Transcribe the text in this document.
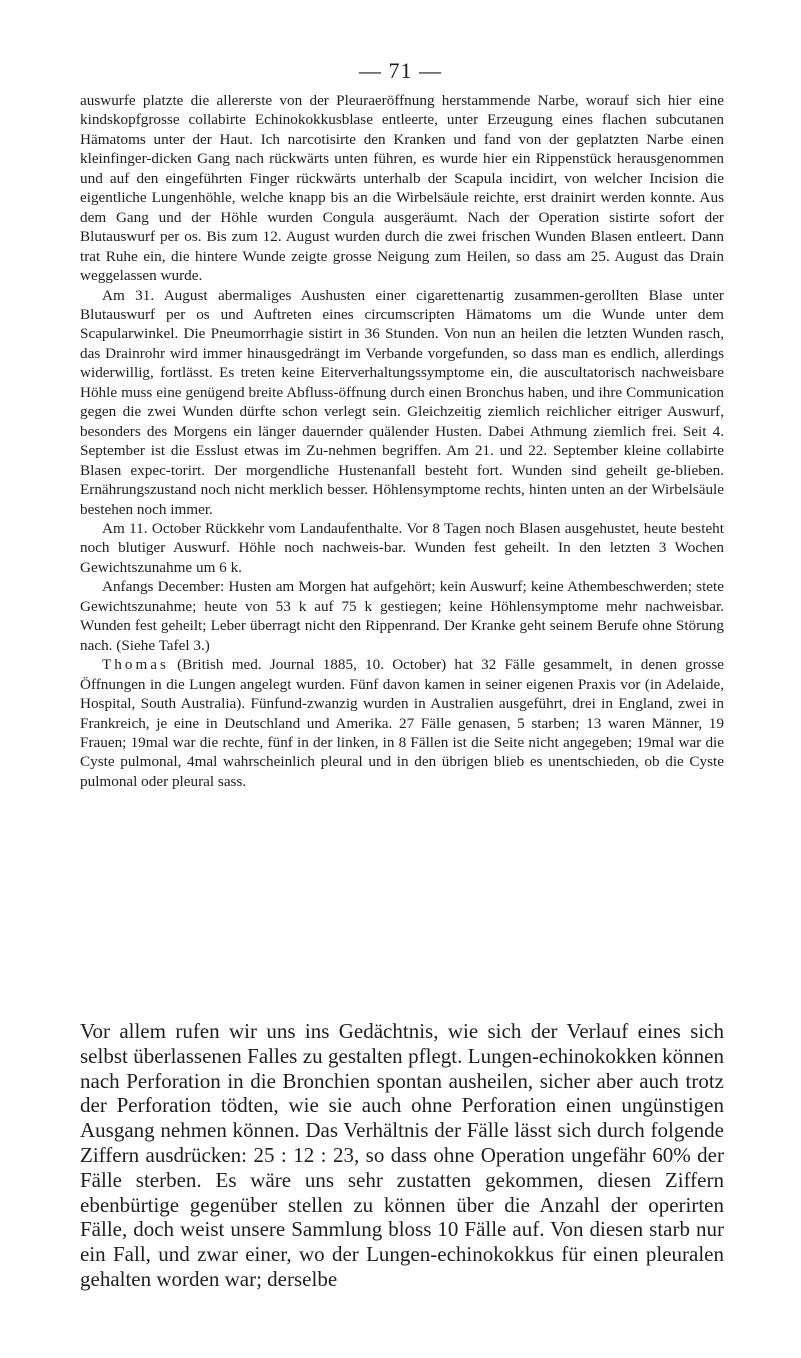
— 71 —

auswurfe platzte die allererste von der Pleuraeröffnung herstammende Narbe, worauf sich hier eine kindskopfgrosse collabirte Echinokokkusblase entleerte, unter Erzeugung eines flachen subcutanen Hämatoms unter der Haut. Ich narcotisirte den Kranken und fand von der geplatzten Narbe einen kleinfinger-dicken Gang nach rückwärts unten führen, es wurde hier ein Rippenstück herausgenommen und auf den eingeführten Finger rückwärts unterhalb der Scapula incidirt, von welcher Incision die eigentliche Lungenhöhle, welche knapp bis an die Wirbelsäule reichte, erst drainirt werden konnte. Aus dem Gang und der Höhle wurden Congula ausgeräumt. Nach der Operation sistirte sofort der Blutauswurf per os. Bis zum 12. August wurden durch die zwei frischen Wunden Blasen entleert. Dann trat Ruhe ein, die hintere Wunde zeigte grosse Neigung zum Heilen, so dass am 25. August das Drain weggelassen wurde.

Am 31. August abermaliges Aushusten einer cigarettenartig zusammen-gerollten Blase unter Blutauswurf per os und Auftreten eines circumscripten Hämatoms um die Wunde unter dem Scapularwinkel. Die Pneumorrhagie sistirt in 36 Stunden. Von nun an heilen die letzten Wunden rasch, das Drainrohr wird immer hinausgedrängt im Verbande vorgefunden, so dass man es endlich, allerdings widerwillig, fortlässt. Es treten keine Eiterverhaltungssymptome ein, die auscultatorisch nachweisbare Höhle muss eine genügend breite Abfluss-öffnung durch einen Bronchus haben, und ihre Communication gegen die zwei Wunden dürfte schon verlegt sein. Gleichzeitig ziemlich reichlicher eitriger Auswurf, besonders des Morgens ein länger dauernder quälender Husten. Dabei Athmung ziemlich frei. Seit 4. September ist die Esslust etwas im Zu-nehmen begriffen. Am 21. und 22. September kleine collabirte Blasen expec-torirt. Der morgendliche Hustenanfall besteht fort. Wunden sind geheilt ge-blieben. Ernährungszustand noch nicht merklich besser. Höhlensymptome rechts, hinten unten an der Wirbelsäule bestehen noch immer.

Am 11. October Rückkehr vom Landaufenthalte. Vor 8 Tagen noch Blasen ausgehustet, heute besteht noch blutiger Auswurf. Höhle noch nachweis-bar. Wunden fest geheilt. In den letzten 3 Wochen Gewichtszunahme um 6 k.

Anfangs December: Husten am Morgen hat aufgehört; kein Auswurf; keine Athembeschwerden; stete Gewichtszunahme; heute von 53 k auf 75 k gestiegen; keine Höhlensymptome mehr nachweisbar. Wunden fest geheilt; Leber überragt nicht den Rippenrand. Der Kranke geht seinem Berufe ohne Störung nach. (Siehe Tafel 3.)

Thomas (British med. Journal 1885, 10. October) hat 32 Fälle gesammelt, in denen grosse Öffnungen in die Lungen angelegt wurden. Fünf davon kamen in seiner eigenen Praxis vor (in Adelaide, Hospital, South Australia). Fünfund-zwanzig wurden in Australien ausgeführt, drei in England, zwei in Frankreich, je eine in Deutschland und Amerika. 27 Fälle genasen, 5 starben; 13 waren Männer, 19 Frauen; 19mal war die rechte, fünf in der linken, in 8 Fällen ist die Seite nicht angegeben; 19mal war die Cyste pulmonal, 4mal wahrscheinlich pleural und in den übrigen blieb es unentschieden, ob die Cyste pulmonal oder pleural sass.

Vor allem rufen wir uns ins Gedächtnis, wie sich der Verlauf eines sich selbst überlassenen Falles zu gestalten pflegt. Lungen-echinokokken können nach Perforation in die Bronchien spontan ausheilen, sicher aber auch trotz der Perforation tödten, wie sie auch ohne Perforation einen ungünstigen Ausgang nehmen können. Das Verhältnis der Fälle lässt sich durch folgende Ziffern ausdrücken: 25 : 12 : 23, so dass ohne Operation ungefähr 60% der Fälle sterben. Es wäre uns sehr zustatten gekommen, diesen Ziffern ebenbürtige gegenüber stellen zu können über die Anzahl der operirten Fälle, doch weist unsere Sammlung bloss 10 Fälle auf. Von diesen starb nur ein Fall, und zwar einer, wo der Lungen-echinokokkus für einen pleuralen gehalten worden war; derselbe
